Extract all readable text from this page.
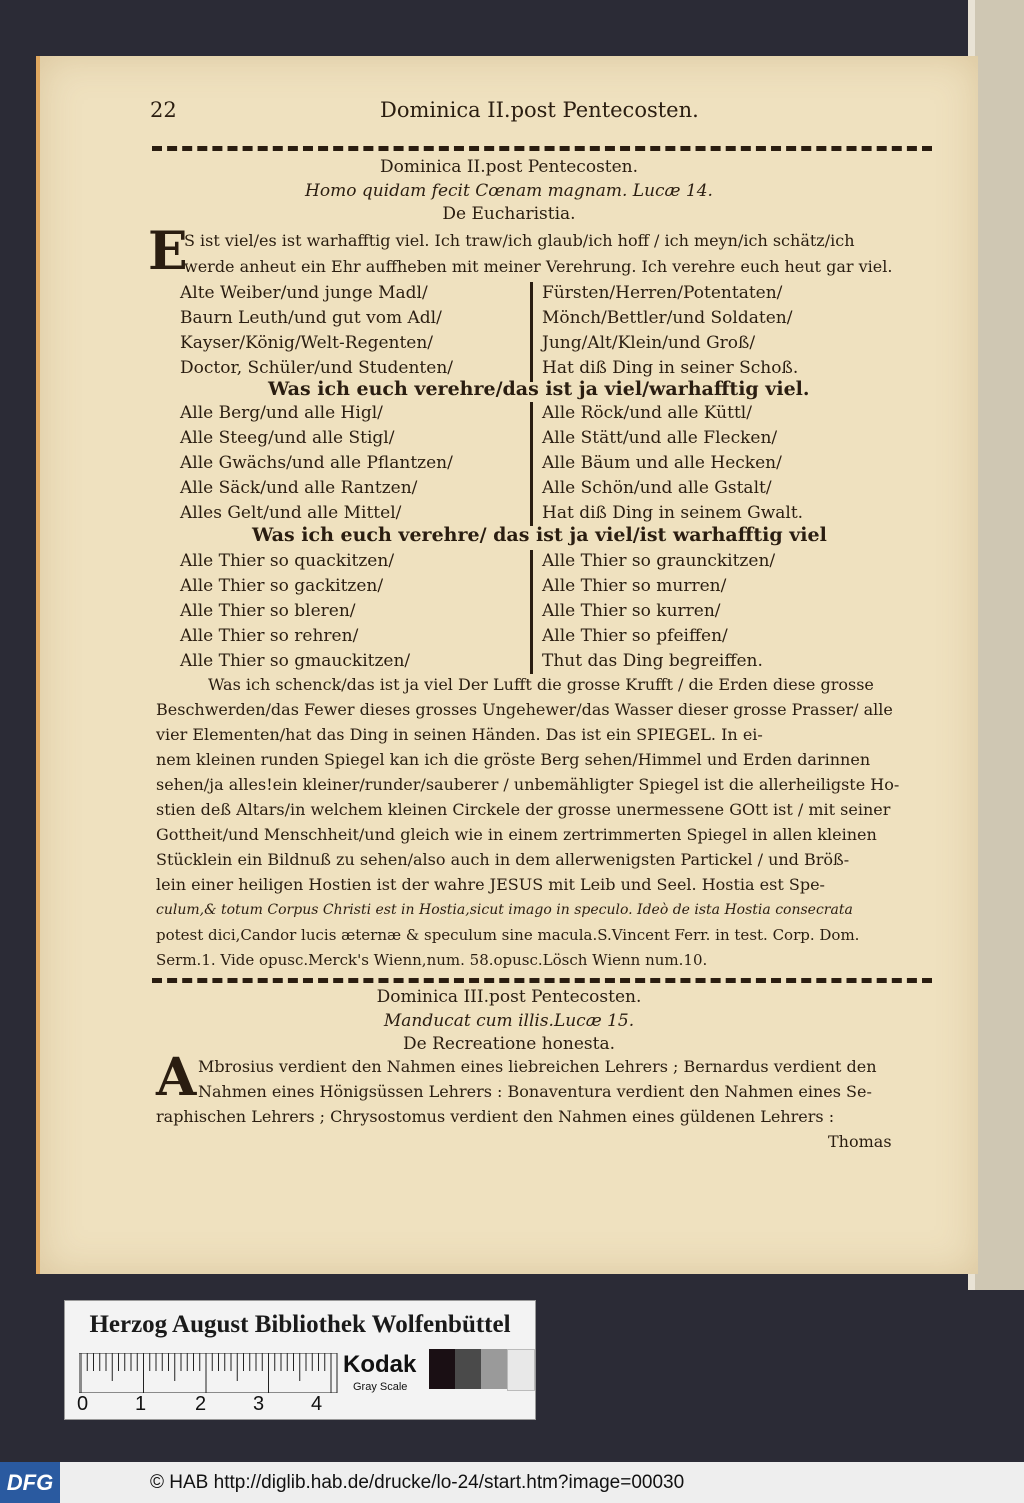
22	Dominica II.post Pentecosten.
Dominica II.post Pentecosten.
Homo quidam fecit Cœnam magnam. Lucæ 14.
De Eucharistia.
E
S ist viel/es ist warhafftig viel. Ich traw/ich glaub/ich hoff / ich meyn/ich schätz/ich
werde anheut ein Ehr auffheben mit meiner Verehrung. Ich verehre euch heut gar viel.
Alte Weiber/und junge Madl/
Baurn Leuth/und gut vom Adl/
Kayser/König/Welt-Regenten/
Doctor, Schüler/und Studenten/
Fürsten/Herren/Potentaten/
Mönch/Bettler/und Soldaten/
Jung/Alt/Klein/und Groß/
Hat diß Ding in seiner Schoß.
Was ich euch verehre/das ist ja viel/warhafftig viel.
Alle Berg/und alle Higl/
Alle Steeg/und alle Stigl/
Alle Gwächs/und alle Pflantzen/
Alle Säck/und alle Rantzen/
Alles Gelt/und alle Mittel/
Alle Röck/und alle Küttl/
Alle Stätt/und alle Flecken/
Alle Bäum und alle Hecken/
Alle Schön/und alle Gstalt/
Hat diß Ding in seinem Gwalt.
Was ich euch verehre/ das ist ja viel/ist warhafftig viel
Alle Thier so quackitzen/
Alle Thier so gackitzen/
Alle Thier so bleren/
Alle Thier so rehren/
Alle Thier so gmauckitzen/
Alle Thier so graunckitzen/
Alle Thier so murren/
Alle Thier so kurren/
Alle Thier so pfeiffen/
Thut das Ding begreiffen.
Was ich schenck/das ist ja viel Der Lufft die grosse Krufft / die Erden diese grosse
Beschwerden/das Fewer dieses grosses Ungehewer/das Wasser dieser grosse Prasser/ alle
vier Elementen/hat das Ding in seinen Händen. Das ist ein SPIEGEL. In ei-
nem kleinen runden Spiegel kan ich die gröste Berg sehen/Himmel und Erden darinnen
sehen/ja alles!ein kleiner/runder/sauberer / unbemähligter Spiegel ist die allerheiligste Ho-
stien deß Altars/in welchem kleinen Circkele der grosse unermessene GOtt ist / mit seiner
Gottheit/und Menschheit/und gleich wie in einem zertrimmerten Spiegel in allen kleinen
Stücklein ein Bildnuß zu sehen/also auch in dem allerwenigsten Partickel / und Bröß-
lein einer heiligen Hostien ist der wahre JESUS mit Leib und Seel. Hostia est Spe-
culum,& totum Corpus Christi est in Hostia,sicut imago in speculo. Ideò de ista Hostia consecrata
potest dici,Candor lucis æternæ & speculum sine macula.S.Vincent Ferr. in test. Corp. Dom.
Serm.1. Vide opusc.Merck's Wienn,num. 58.opusc.Lösch Wienn num.10.
Dominica III.post Pentecosten.
Manducat cum illis.Lucæ 15.
De Recreatione honesta.
A Mbrosius verdient den Nahmen eines liebreichen Lehrers ; Bernardus verdient den
Nahmen eines Hönigsüssen Lehrers : Bonaventura verdient den Nahmen eines Se-
raphischen Lehrers ; Chrysostomus verdient den Nahmen eines güldenen Lehrers :
Thomas
Herzog August Bibliothek Wolfenbüttel
0 1 2 3 4
Kodak
Gray Scale
DFG	© HAB http://diglib.hab.de/drucke/lo-24/start.htm?image=00030
